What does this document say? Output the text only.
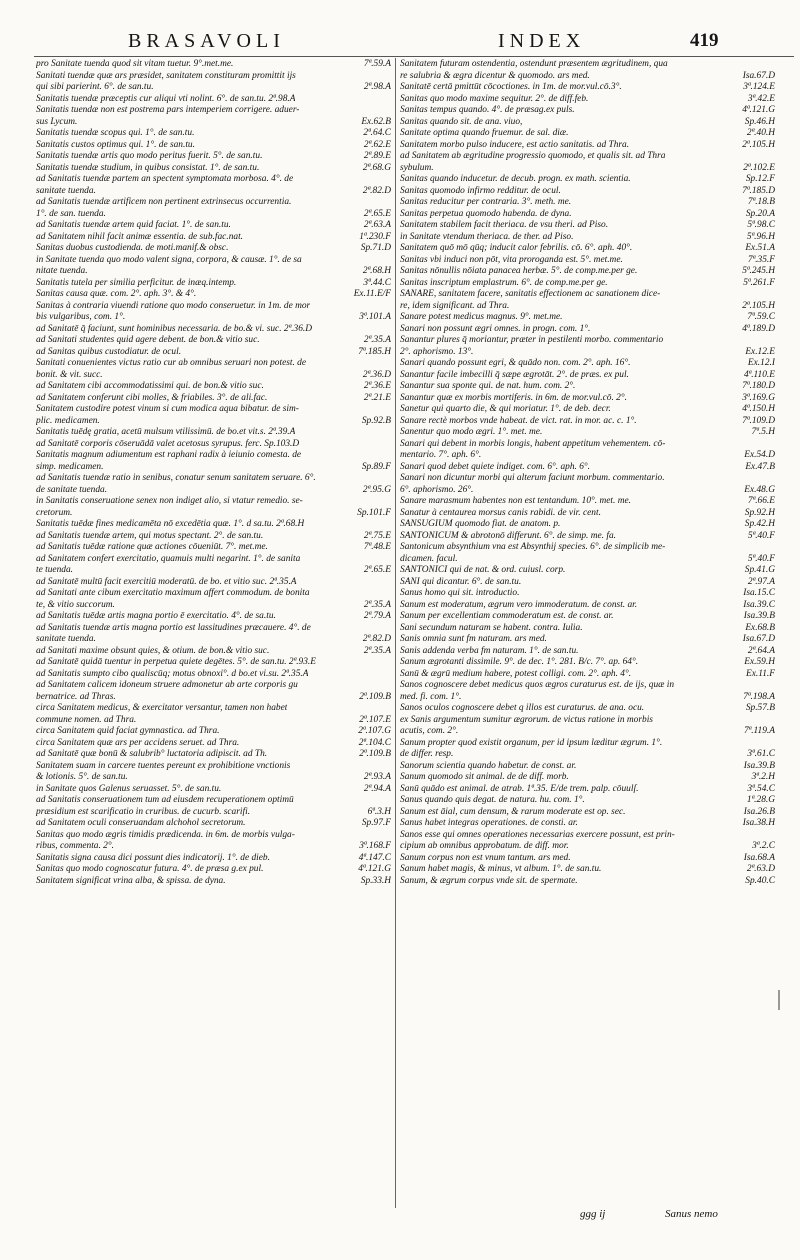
BRASAVOLI	INDEX	419
pro Sanitate tuenda quod sit vitam tuetur. 9°.met.me.	7ª.59.A
Sanitati tuendæ quæ ars præsidet, sanitatem constituram promittit ijs
qui sibi parierint. 6°. de san.tu.	2ª.98.A
Sanitatis tuendæ præceptis cur aliqui vti nolint. 6°. de san.tu. 2ª.98.A
Sanitatis tuendæ non est postrema pars intemperiem corrigere. aduer-
sus Lycum.	Ex.62.B
Sanitatis tuendæ scopus qui. 1°. de san.tu.	2ª.64.C
Sanitatis custos optimus qui. 1°. de san.tu.	2ª.62.E
Sanitatis tuendæ artis quo modo peritus fuerit. 5°. de san.tu.	2ª.89.E
Sanitatis tuendæ studium, in quibus consistat. 1°. de san.tu.	2ª.68.G
ad Sanitatis tuendæ partem an spectent symptomata morbosa. 4°. de
sanitate tuenda.	2ª.82.D
ad Sanitatis tuendæ artificem non pertinent extrinsecus occurrentia.
1°. de san. tuenda.	2ª.65.E
ad Sanitatis tuendæ artem quid faciat. 1°. de san.tu.	2ª.63.A
ad Sanitatem nihil facit animæ essentia. de sub.fac.nat.	1ª.230.F
Sanitas duobus custodienda. de moti.manif.& obsc.	Sp.71.D
in Sanitate tuenda quo modo valent signa, corpora, & causæ. 1°. de sa
nitate tuenda.	2ª.68.H
Sanitatis tutela per similia perficitur. de inæq.intemp.	3ª.44.C
Sanitas causa quæ. com. 2°. aph. 3°. & 4°.	Ex.11.E/F
Sanitas à contraria viuendi ratione quo modo conseruetur. in 1m. de mor
bis vulgaribus, com. 1°.	3ª.101.A
ad Sanitatē q̄ faciunt, sunt hominibus necessaria. de bo.& vi. suc. 2ª.36.D
ad Sanitati studentes quid agere debent. de bon.& vitio suc.	2ª.35.A
ad Sanitas quibus custodiatur. de ocul.	7ª.185.H
Sanitati conuenientes victus ratio cur ab omnibus seruari non potest. de
bonit. & vit. succ.	2ª.36.D
ad Sanitatem cibi accommodatissimi qui. de bon.& vitio suc.	2ª.36.E
ad Sanitatem conferunt cibi molles, & friabiles. 3°. de ali.fac.	2ª.21.E
Sanitatem custodire potest vinum si cum modica aqua bibatur. de sim-
plic. medicamen.	Sp.92.B
Sanitatis tuēdę gratia, acetū mulsum vtilissimū. de bo.et vit.s. 2ª.39.A
ad Sanitatē corporis cōseruādā valet acetosus syrupus. ferc. Sp.103.D
Sanitatis magnum adiumentum est raphani radix à ieiunio comesta. de
simp. medicamen.	Sp.89.F
ad Sanitatis tuendæ ratio in senibus, conatur senum sanitatem seruare. 6°.
de sanitate tuenda.	2ª.95.G
in Sanitatis conseruatione senex non indiget alio, si vtatur remedio. se-
cretorum.	Sp.101.F
Sanitatis tuēdæ fines medicamēta nō excedētia quæ. 1°. d sa.tu. 2ª.68.H
ad Sanitatis tuendæ artem, qui motus spectant. 2°. de san.tu.	2ª.75.E
ad Sanitatis tuēdæ ratione quæ actiones cōueniūt. 7°. met.me.	7ª.48.E
ad Sanitatem confert exercitatio, quamuis multi negarint. 1°. de sanita
te tuenda.	2ª.65.E
ad Sanitatē multū facit exercitiū moderatū. de bo. et vitio suc. 2ª.35.A
ad Sanitati ante cibum exercitatio maximum affert commodum. de bonita
te, & vitio succorum.	2ª.35.A
ad Sanitatis tuēdæ artis magna portio ē exercitatio. 4°. de sa.tu.	2ª.79.A
ad Sanitatis tuendæ artis magna portio est lassitudines præcauere. 4°. de
sanitate tuenda.	2ª.82.D
ad Sanitati maxime obsunt quies, & otium. de bon.& vitio suc.	2ª.35.A
ad Sanitatē quidā tuentur in perpetua quiete degētes. 5°. de san.tu. 2ª.93.E
ad Sanitatis sumpto cibo qualiscūq; motus obnoxi°. d bo.et vi.su. 2ª.35.A
ad Sanitatem calicem idoneum struere admonetur ab arte corporis gu
bernatrice. ad Thras.	2ª.109.B
circa Sanitatem medicus, & exercitator versantur, tamen non habet
commune nomen. ad Thra.	2ª.107.E
circa Sanitatem quid faciat gymnastica. ad Thra.	2ª.107.G
circa Sanitatem quæ ars per accidens seruet. ad Thra.	2ª.104.C
ad Sanitatē quæ bonū & salubrib° luctatoria adipiscit. ad Th.	2ª.109.B
Sanitatem suam in carcere tuentes pereunt ex prohibitione vnctionis
& lotionis. 5°. de san.tu.	2ª.93.A
in Sanitate quos Galenus seruasset. 5°. de san.tu.	2ª.94.A
ad Sanitatis conseruationem tum ad eiusdem recuperationem optimū
præsidium est scarificatio in cruribus. de cucurb. scarifi.	6ª.3.H
ad Sanitatem oculi conseruandam alchohol secretorum.	Sp.97.F
Sanitas quo modo ægris timidis prædicenda. in 6m. de morbis vulga-
ribus, commenta. 2°.	3ª.168.F
Sanitatis signa causa dici possunt dies indicatorij. 1°. de dieb.	4ª.147.C
Sanitas quo modo cognoscatur futura. 4°. de præsa g.ex pul.	4ª.121.G
Sanitatem significat vrina alba, & spissa. de dyna.	Sp.33.H
Sanitatem futuram ostendentia, ostendunt præsentem ægritudinem, qua
re salubria & ægra dicentur & quomodo. ars med.	Isa.67.D
Sanitatē certā pmittūt cōcoctiones. in 1m. de mor.vul.cō.3°.	3ª.124.E
Sanitas quo modo maxime sequitur. 2°. de diff.feb.	3ª.42.E
Sanitas tempus quando. 4°. de præsag.ex puls.	4ª.121.G
Sanitas quando sit. de ana. viuo,	Sp.46.H
Sanitate optima quando fruemur. de sal. diæ.	2ª.40.H
Sanitatem morbo pulso inducere, est actio sanitatis. ad Thra.	2ª.105.H
ad Sanitatem ab ægritudine progressio quomodo, et qualis sit. ad Thra
sybulum.	2ª.102.E
Sanitas quando inducetur. de decub. progn. ex math. scientia.	Sp.12.F
Sanitas quomodo infirmo redditur. de ocul.	7ª.185.D
Sanitas reducitur per contraria. 3°. meth. me.	7ª.18.B
Sanitas perpetua quomodo habenda. de dyna.	Sp.20.A
Sanitatem stabilem facit theriaca. de vsu theri. ad Piso.	5ª.98.C
in Sanitate vtendum theriaca. de ther. ad Piso.	5ª.96.H
Sanitatem quō mō qūq; inducit calor febrilis. cō. 6°. aph. 40°.	Ex.51.A
Sanitas vbi induci non pōt, vita proroganda est. 5°. met.me.	7ª.35.F
Sanitas nōnullis nōiata panacea herbæ. 5°. de comp.me.per ge.	5ª.245.H
Sanitas inscriptum emplastrum. 6°. de comp.me.per ge.	5ª.261.F
SANARE, sanitatem facere, sanitatis effectionem ac sanationem dice-
re, idem significant. ad Thra.	2ª.105.H
Sanare potest medicus magnus. 9°. met.me.	7ª.59.C
Sanari non possunt ægri omnes. in progn. com. 1°.	4ª.189.D
Sanantur plures q̄ moriantur, præter in pestilenti morbo. commentario
2°. aphorismo. 13°.	Ex.12.E
Sanari quando possunt egri, & quādo non. com. 2°. aph. 16°.	Ex.12.I
Sanantur facile imbecilli q̄ sæpe ægrotāt. 2°. de præs. ex pul.	4ª.110.E
Sanantur sua sponte qui. de nat. hum. com. 2°.	7ª.180.D
Sanantur quæ ex morbis mortiferis. in 6m. de mor.vul.cō. 2°.	3ª.169.G
Sanetur qui quarto die, & qui moriatur. 1°. de deb. decr.	4ª.150.H
Sanare rectè morbos vnde habeat. de vict. rat. in mor. ac. c. 1°.	7ª.109.D
Sanentur quo modo ægri. 1°. met. me.	7ª.5.H
Sanari qui debent in morbis longis, habent appetitum vehementem. cō-
mentario. 7°. aph. 6°.	Ex.54.D
Sanari quod debet quiete indiget. com. 6°. aph. 6°.	Ex.47.B
Sanari non dicuntur morbi qui alterum faciunt morbum. commentario.
6°. aphorismo. 26°.	Ex.48.G
Sanare marasmum habentes non est tentandum. 10°. met. me.	7ª.66.E
Sanatur à centaurea morsus canis rabidi. de vir. cent.	Sp.92.H
SANSUGIUM quomodo fiat. de anatom. p.	Sp.42.H
SANTONICUM & abrotonō differunt. 6°. de simp. me. fa.	5ª.40.F
Santonicum absynthium vna est Absynthij species. 6°. de simplicib me-
dicamen. facul.	5ª.40.F
SANTONICI qui de nat. & ord. cuiusl. corp.	Sp.41.G
SANI qui dicantur. 6°. de san.tu.	2ª.97.A
Sanus homo qui sit. introductio.	Isa.15.C
Sanum est moderatum, ægrum vero immoderatum. de const. ar.	Isa.39.C
Sanum per excellentiam commoderatum est. de const. ar.	Isa.39.B
Sani secundum naturam se habent. contra. Iulia.	Ex.68.B
Sanis omnia sunt fm naturam. ars med.	Isa.67.D
Sanis addenda verba fm naturam. 1°. de san.tu.	2ª.64.A
Sanum ægrotanti dissimile. 9°. de dec. 1°. 281. B/c. 7°. ap. 64°.	Ex.59.H
Sanū & ægrū medium habere, potest colligi. com. 2°. aph. 4°.	Ex.11.F
Sanos cognoscere debet medicus quos ægros curaturus est. de ijs, quæ in
med. fi. com. 1°.	7ª.198.A
Sanos oculos cognoscere debet q illos est curaturus. de ana. ocu.	Sp.57.B
ex Sanis argumentum sumitur ægrorum. de victus ratione in morbis
acutis, com. 2°.	7ª.119.A
Sanum propter quod existit organum, per id ipsum læditur ægrum. 1°.
de differ. resp.	3ª.61.C
Sanorum scientia quando habetur. de const. ar.	Isa.39.B
Sanum quomodo sit animal. de de diff. morb.	3ª.2.H
Sanū quādo est animal. de atrab. 1ª.35. E/de trem. palp. cōuulſ.	3ª.54.C
Sanus quando quis degat. de natura. hu. com. 1°.	1ª.28.G
Sanum est āial, cum densum, & rarum moderate est op. sec.	Isa.26.B
Sanus habet integras operationes. de consti. ar.	Isa.38.H
Sanos esse qui omnes operationes necessarias exercere possunt, est prin-
cipium ab omnibus approbatum. de diff. mor.	3ª.2.C
Sanum corpus non est vnum tantum. ars med.	Isa.68.A
Sanum habet magis, & minus, vt album. 1°. de san.tu.	2ª.63.D
Sanum, & ægrum corpus vnde sit. de spermate.	Sp.40.C
ggg ij	Sanus nemo
